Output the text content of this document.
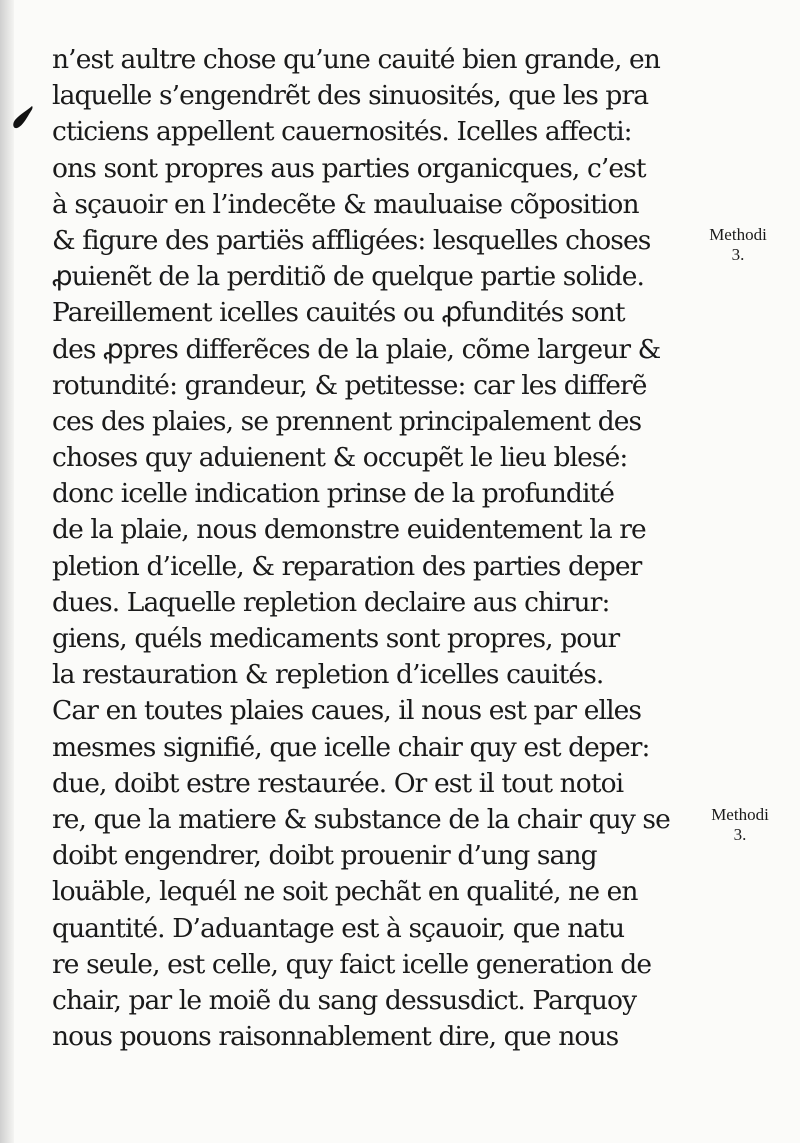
n’est aultre chose qu’une cauité bien grande, en
laquelle s’engendrẽt des sinuosités, que les pra
cticiens appellent cauernosités. Icelles affecti:
ons sont propres aus parties organicques, c’est
à sçauoir en l’indecẽte & mauluaise cõposition
& figure des partiës affligées: lesquelles choses
ꝓuienẽt de la perditiõ de quelque partie solide.
Pareillement icelles cauités ou ꝓfundités sont
des ꝓpres differẽces de la plaie, cõme largeur &
rotundité: grandeur, & petitesse: car les differẽ
ces des plaies, se prennent principalement des
choses quy aduienent & occupẽt le lieu blesé:
donc icelle indication prinse de la profundité
de la plaie, nous demonstre euidentement la re
pletion d’icelle, & reparation des parties deper
dues. Laquelle repletion declaire aus chirur:
giens, quéls medicaments sont propres, pour
la restauration & repletion d’icelles cauités.
Car en toutes plaies caues, il nous est par elles
mesmes signifié, que icelle chair quy est deper:
due, doibt estre restaurée. Or est il tout notoi
re, que la matiere & substance de la chair quy se
doibt engendrer, doibt prouenir d’ung sang
louäble, lequél ne soit pechãt en qualité, ne en
quantité. D’aduantage est à sçauoir, que natu
re seule, est celle, quy faict icelle generation de
chair, par le moiẽ du sang dessusdict. Parquoy
nous pouons raisonnablement dire, que nous
Methodi
3.
Methodi
3.
